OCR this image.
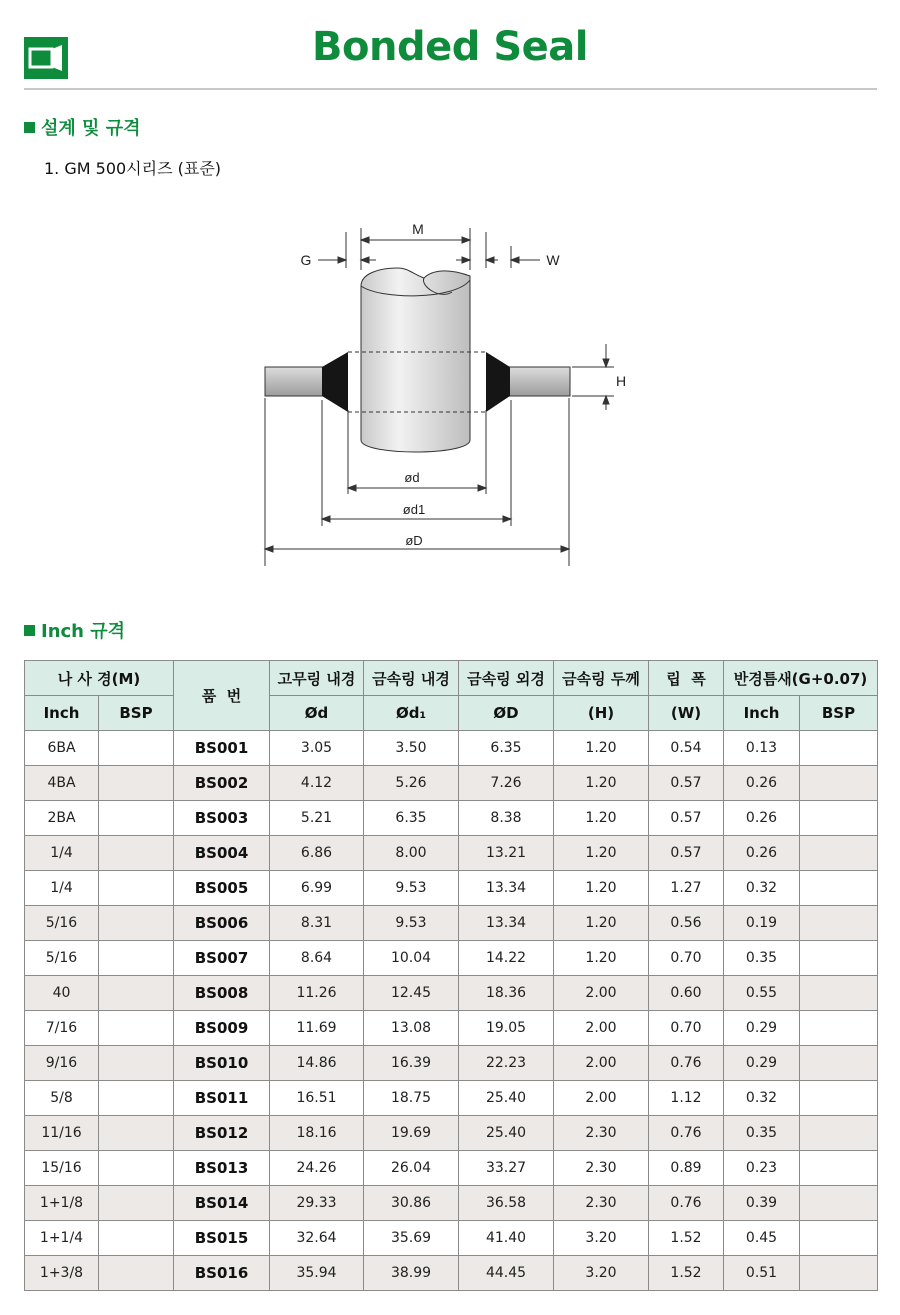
Bonded Seal
설계 및 규격
1. GM 500시리즈 (표준)
M
G	W
H
ød
ød1
øD
Inch 규격
나 사 경(M)		품  번	고무링 내경	금속링 내경	금속링 외경	금속링 두께	립  폭	반경틈새(G+0.07)	
Inch	BSP		Ød	Ød₁	ØD	(H)	(W)	Inch	BSP
6BA		BS001	3.05	3.50	6.35	1.20	0.54	0.13	
4BA		BS002	4.12	5.26	7.26	1.20	0.57	0.26	
2BA		BS003	5.21	6.35	8.38	1.20	0.57	0.26	
1/4		BS004	6.86	8.00	13.21	1.20	0.57	0.26	
1/4		BS005	6.99	9.53	13.34	1.20	1.27	0.32	
5/16		BS006	8.31	9.53	13.34	1.20	0.56	0.19	
5/16		BS007	8.64	10.04	14.22	1.20	0.70	0.35	
40		BS008	11.26	12.45	18.36	2.00	0.60	0.55	
7/16		BS009	11.69	13.08	19.05	2.00	0.70	0.29	
9/16		BS010	14.86	16.39	22.23	2.00	0.76	0.29	
5/8		BS011	16.51	18.75	25.40	2.00	1.12	0.32	
11/16		BS012	18.16	19.69	25.40	2.30	0.76	0.35	
15/16		BS013	24.26	26.04	33.27	2.30	0.89	0.23	
1+1/8		BS014	29.33	30.86	36.58	2.30	0.76	0.39	
1+1/4		BS015	32.64	35.69	41.40	3.20	1.52	0.45	
1+3/8		BS016	35.94	38.99	44.45	3.20	1.52	0.51	
